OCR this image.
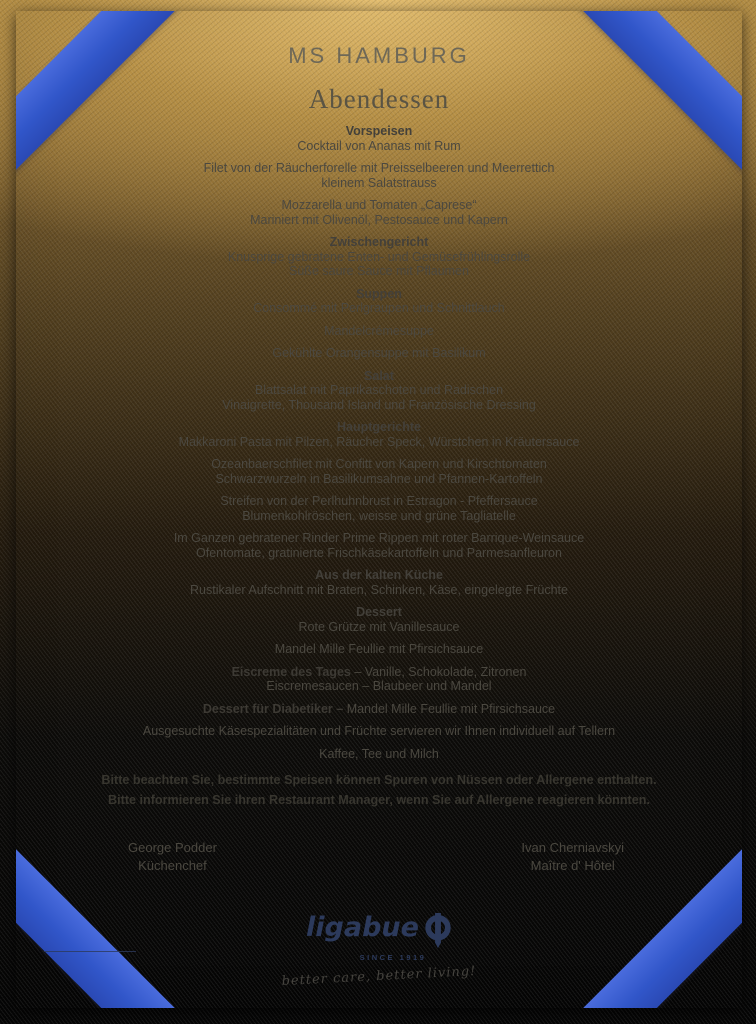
MS HAMBURG
Abendessen
Vorspeisen
Cocktail von Ananas mit Rum
Filet von der Räucherforelle mit Preisselbeeren und Meerrettich
kleinem Salatstrauss
Mozzarella und Tomaten „Caprese“
Mariniert mit Olivenöl, Pestosauce und Kapern
Zwischengericht
Knusprige gebratene Enten- und Gemüsefrühlingsrolle
Süße saure Sauce mit Pflaumen
Suppen
Consommé mit Perlgraupen und Schnittlauch
Mandelcrémesuppe
Gekühlte Orangensuppe mit Basilikum
Salat
Blattsalat mit Paprikaschoten und Radischen
Vinaigrette, Thousand Island und Französische Dressing
Hauptgerichte
Makkaroni Pasta mit Pilzen, Räucher Speck, Würstchen in Kräutersauce
Ozeanbaerschfilet mit Confitt von Kapern und Kirschtomaten
Schwarzwurzeln in Basilikumsahne und Pfannen-Kartoffeln
Streifen von der Perlhuhnbrust in Estragon - Pfeffersauce
Blumenkohlröschen, weisse und grüne Tagliatelle
Im Ganzen gebratener Rinder Prime Rippen mit roter Barrique-Weinsauce
Ofentomate, gratinierte Frischkäsekartoffeln und Parmesanfleuron
Aus der kalten Küche
Rustikaler Aufschnitt mit Braten, Schinken, Käse, eingelegte Früchte
Dessert
Rote Grütze mit Vanillesauce
Mandel Mille Feullie mit Pfirsichsauce
Eiscreme des Tages – Vanille, Schokolade, Zitronen
Eiscremesaucen – Blaubeer und Mandel
Dessert für Diabetiker – Mandel Mille Feullie mit Pfirsichsauce
Ausgesuchte Käsespezialitäten und Früchte servieren wir Ihnen individuell auf Tellern
Kaffee, Tee und Milch
Bitte beachten Sie, bestimmte Speisen können Spuren von Nüssen oder Allergene enthalten.
Bitte informieren Sie ihren Restaurant Manager, wenn Sie auf Allergene reagieren könnten.
George Podder
Küchenchef
Ivan Cherniavskyi
Maître d' Hôtel
ligabue
SINCE 1919
better care, better living!
